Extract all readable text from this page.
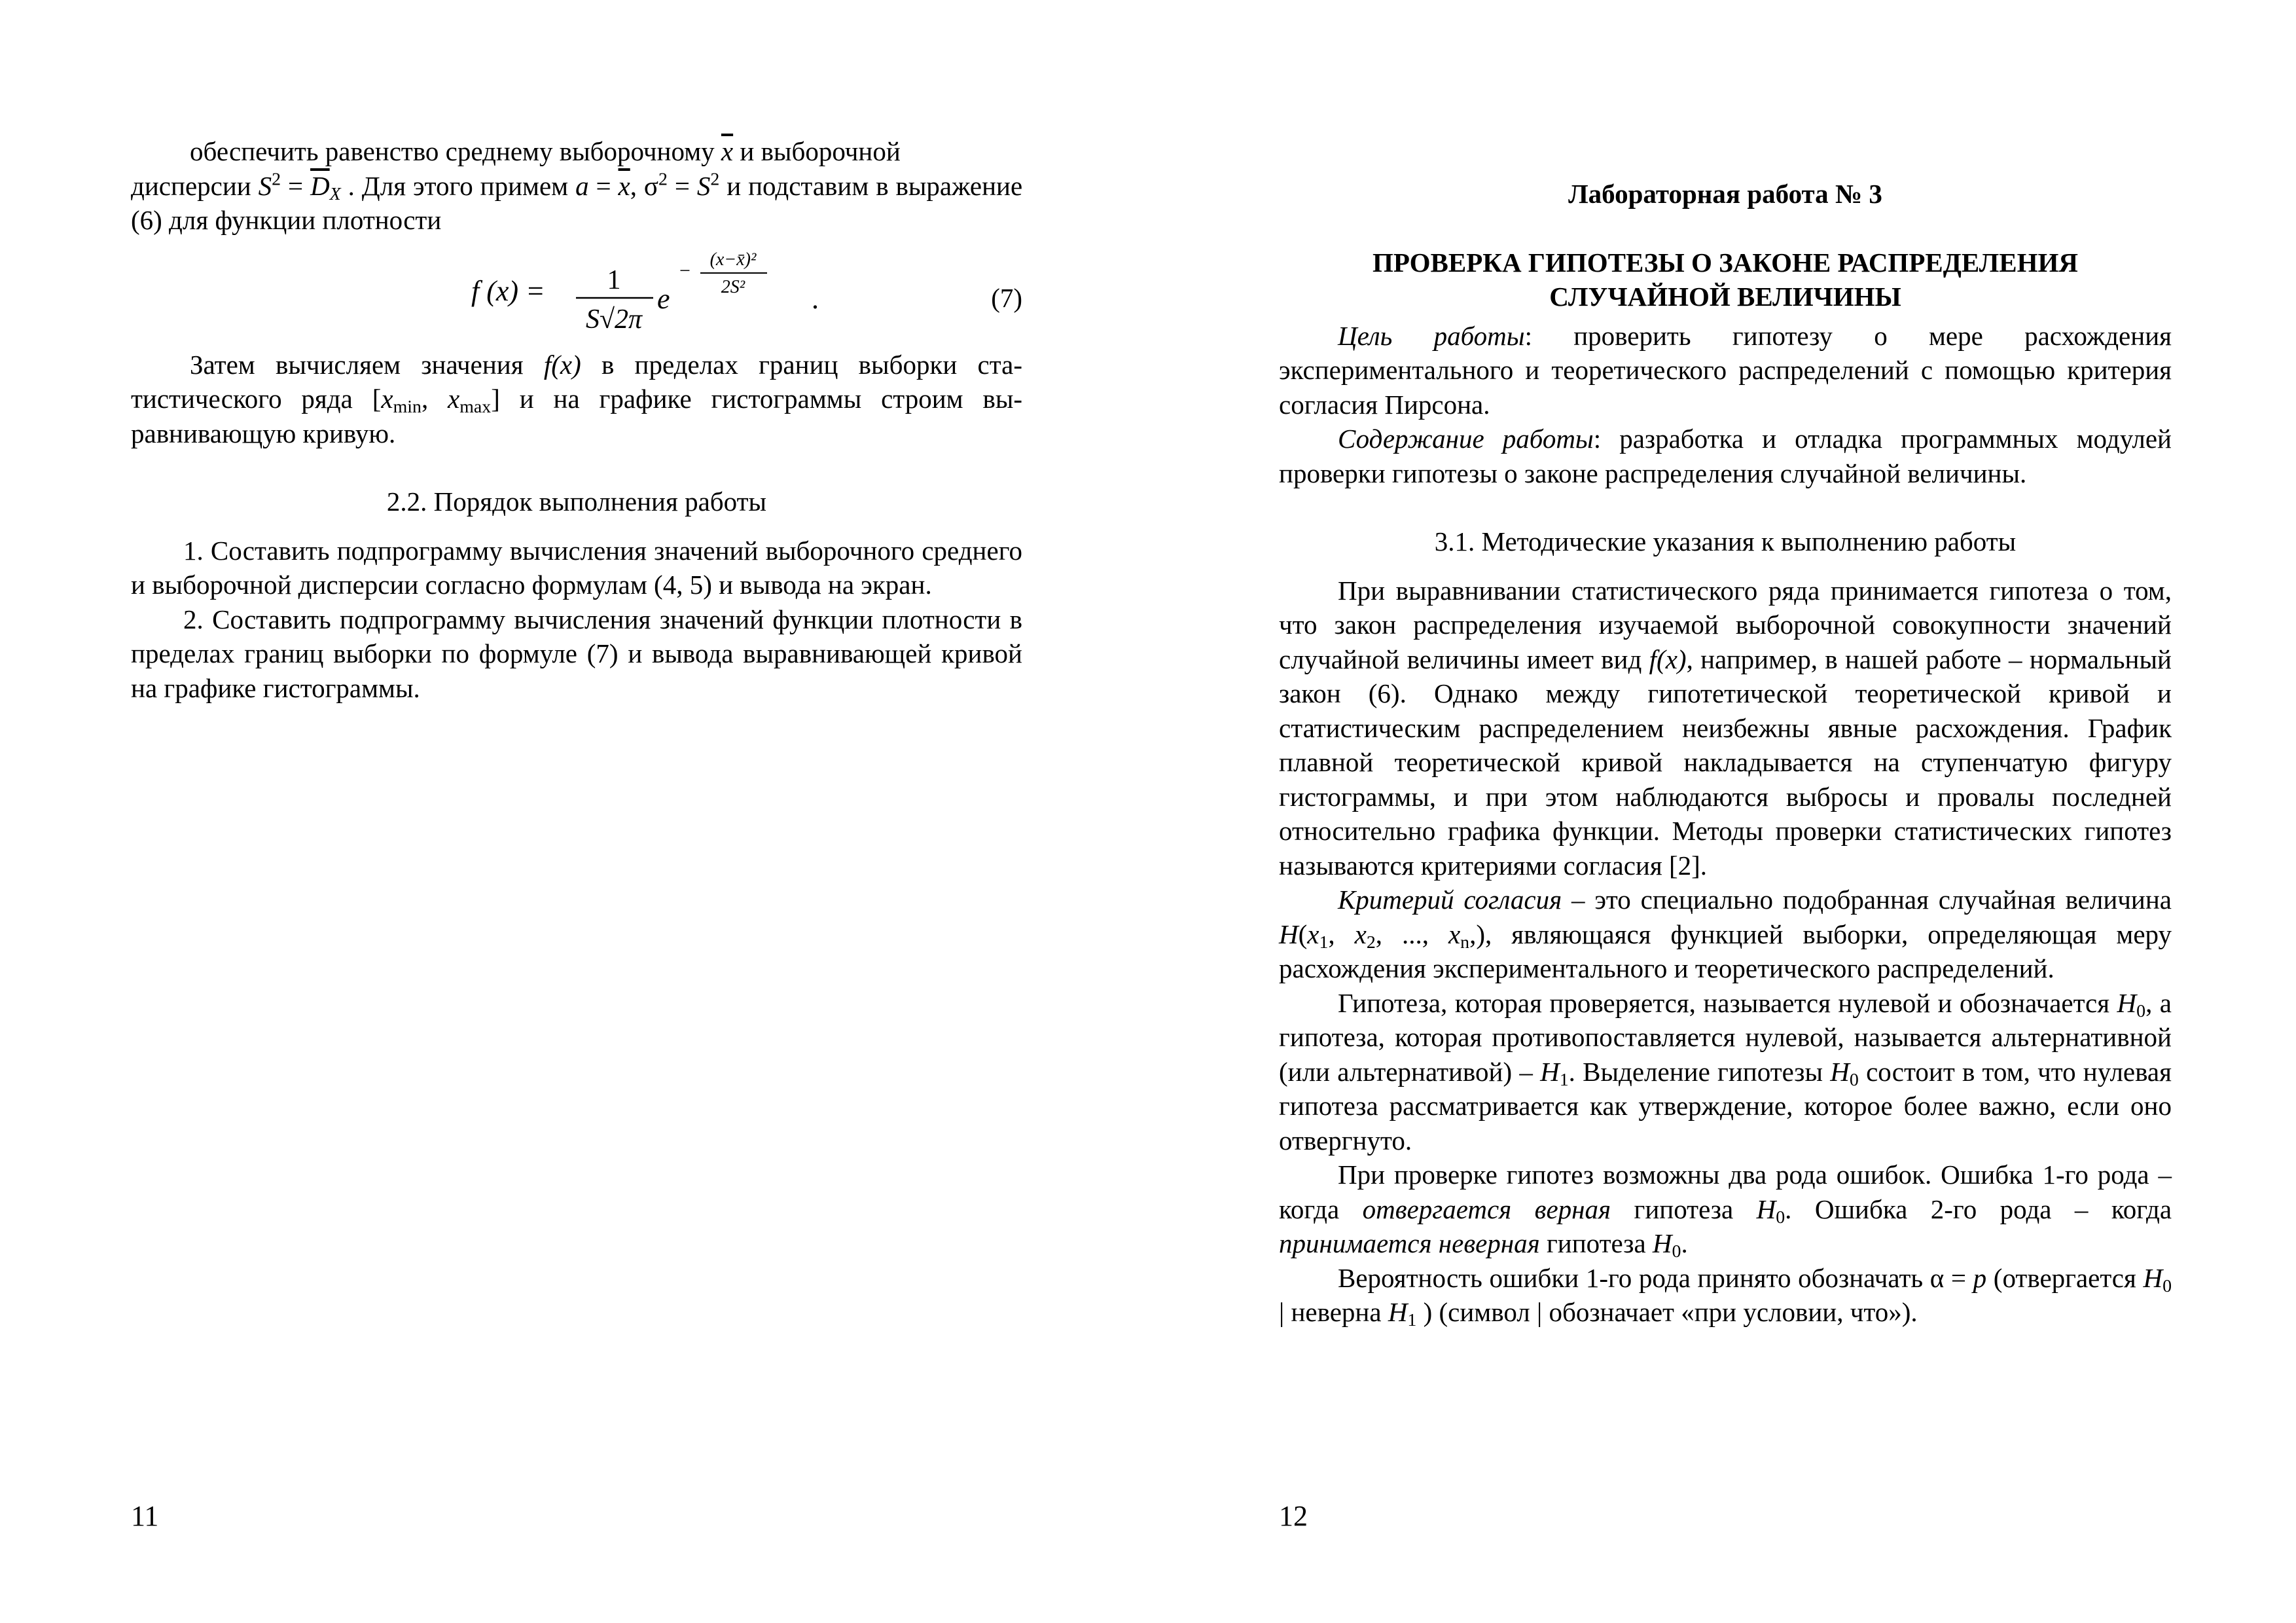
обеспечить равенство среднему выборочному $\overline{x}$ и выборочной

дисперсии $S^2 = \overline{D}_X$ . Для этого примем $a = \overline{x}$, $\sigma^2 = S^2$ и подставим в выражение (6) для функции плотности

f (x) = 1
S√2π
e
−
(x−x̄)²
2S² .	(7)

Затем вычисляем значения f(x) в пределах границ выборки ста- тистического ряда [$x_{min}$, $x_{max}$] и на графике гистограммы строим вы- равнивающую кривую.

2.2. Порядок выполнения работы

1. Составить подпрограмму вычисления значений выборочного среднего и выборочной дисперсии согласно формулам (4, 5) и вывода на экран.

2. Составить подпрограмму вычисления значений функции плотности в пределах границ выборки по формуле (7) и вывода выравнивающей кривой на графике гистограммы.

11

Лабораторная работа № 3

ПРОВЕРКА ГИПОТЕЗЫ О ЗАКОНЕ РАСПРЕДЕЛЕНИЯ
СЛУЧАЙНОЙ ВЕЛИЧИНЫ

Цель работы: проверить гипотезу о мере расхождения экспериментального и теоретического распределений с помощью критерия согласия Пирсона.

Содержание работы: разработка и отладка программных модулей проверки гипотезы о законе распределения случайной величины.

3.1. Методические указания к выполнению работы

При выравнивании статистического ряда принимается гипотеза о том, что закон распределения изучаемой выборочной совокупности значений случайной величины имеет вид f(x), например, в нашей работе – нормальный закон (6). Однако между гипотетической теоретической кривой и статистическим распределением неизбежны явные расхождения. График плавной теоретической кривой накладывается на ступенчатую фигуру гистограммы, и при этом наблюдаются выбросы и провалы последней относительно графика функции. Методы проверки статистических гипотез называются критериями согласия [2].

Критерий согласия – это специально подобранная случайная величина $H(x_1$, $x_2$, ..., $x_n$,), являющаяся функцией выборки, определяющая меру расхождения экспериментального и теоретического распределений.

Гипотеза, которая проверяется, называется нулевой и обозначается $H_0$, а гипотеза, которая противопоставляется нулевой, называется альтернативной (или альтернативой) – $H_1$. Выделение гипотезы $H_0$ состоит в том, что нулевая гипотеза рассматривается как утверждение, которое более важно, если оно отвергнуто.

При проверке гипотез возможны два рода ошибок. Ошибка 1-го рода – когда отвергается верная гипотеза $H_0$. Ошибка 2-го рода – когда принимается неверная гипотеза $H_0$.

Вероятность ошибки 1-го рода принято обозначать α = p (отвергается $H_0$ | неверна $H_1$ ) (символ | обозначает «при условии, что»).

12
